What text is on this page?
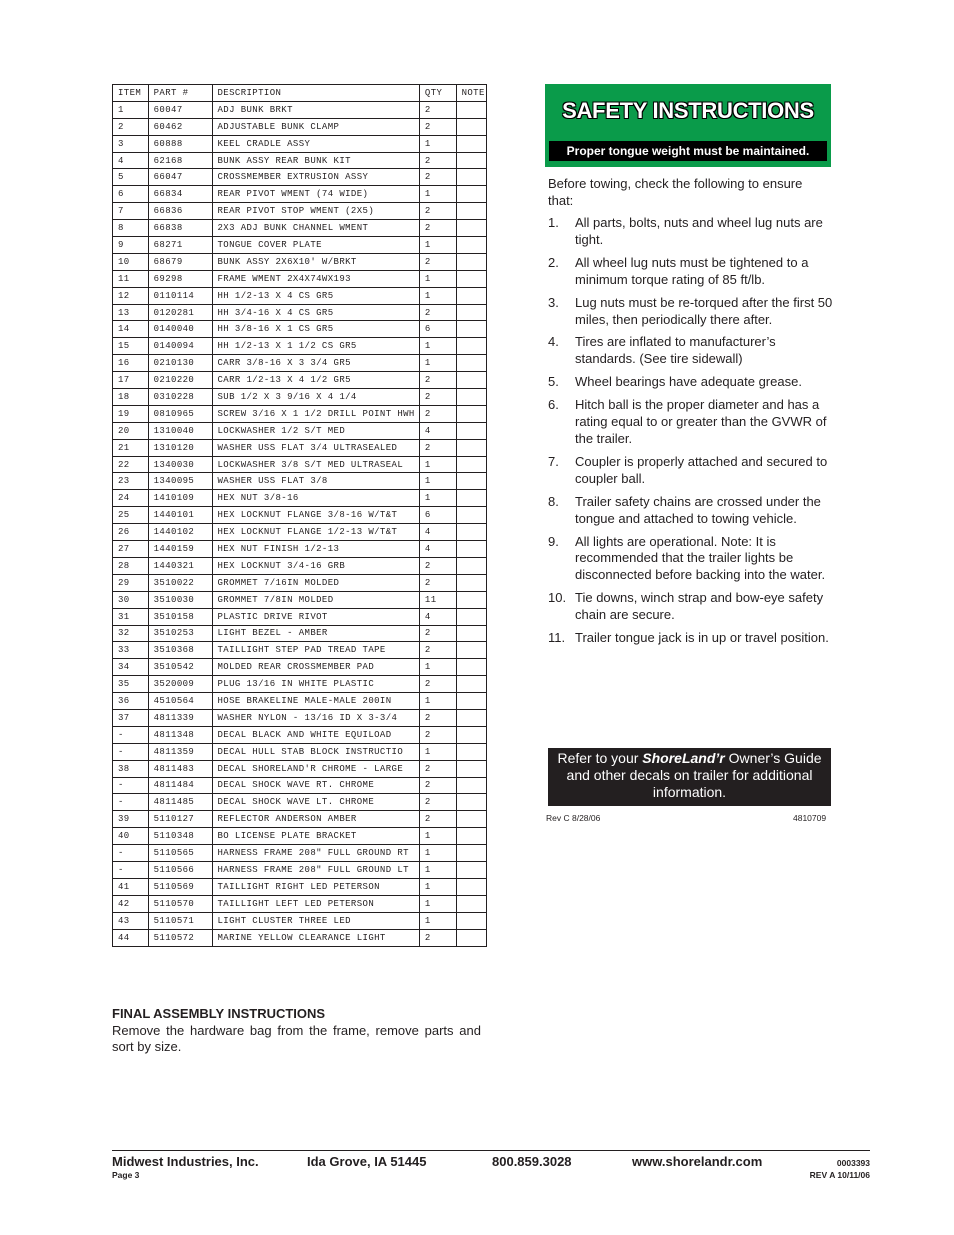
ITEM	PART #	DESCRIPTION	QTY	NOTE
1	60047	ADJ BUNK BRKT	2	
2	60462	ADJUSTABLE BUNK CLAMP	2	
3	60888	KEEL CRADLE ASSY	1	
4	62168	BUNK ASSY REAR BUNK KIT	2	
5	66047	CROSSMEMBER EXTRUSION ASSY	2	
6	66834	REAR PIVOT WMENT (74 WIDE)	1	
7	66836	REAR PIVOT STOP WMENT (2X5)	2	
8	66838	2X3 ADJ BUNK CHANNEL WMENT	2	
9	68271	TONGUE COVER PLATE	1	
10	68679	BUNK ASSY 2X6X10' W/BRKT	2	
11	69298	FRAME WMENT 2X4X74WX193	1	
12	0110114	HH 1/2-13 X 4 CS GR5	1	
13	0120281	HH 3/4-16 X 4 CS GR5	2	
14	0140040	HH 3/8-16 X 1 CS GR5	6	
15	0140094	HH 1/2-13 X 1 1/2 CS GR5	1	
16	0210130	CARR 3/8-16 X 3 3/4 GR5	1	
17	0210220	CARR 1/2-13 X 4 1/2 GR5	2	
18	0310228	SUB 1/2 X 3 9/16 X 4 1/4	2	
19	0810965	SCREW 3/16 X 1 1/2 DRILL POINT HWH	2	
20	1310040	LOCKWASHER 1/2 S/T MED	4	
21	1310120	WASHER USS FLAT 3/4 ULTRASEALED	2	
22	1340030	LOCKWASHER 3/8 S/T MED ULTRASEAL	1	
23	1340095	WASHER USS FLAT 3/8	1	
24	1410109	HEX NUT 3/8-16	1	
25	1440101	HEX LOCKNUT FLANGE 3/8-16 W/T&T	6	
26	1440102	HEX LOCKNUT FLANGE 1/2-13 W/T&T	4	
27	1440159	HEX NUT FINISH 1/2-13	4	
28	1440321	HEX LOCKNUT 3/4-16 GRB	2	
29	3510022	GROMMET 7/16IN MOLDED	2	
30	3510030	GROMMET 7/8IN MOLDED	11	
31	3510158	PLASTIC DRIVE RIVOT	4	
32	3510253	LIGHT BEZEL - AMBER	2	
33	3510368	TAILLIGHT STEP PAD TREAD TAPE	2	
34	3510542	MOLDED REAR CROSSMEMBER PAD	1	
35	3520009	PLUG 13/16 IN WHITE PLASTIC	2	
36	4510564	HOSE BRAKELINE MALE-MALE 200IN	1	
37	4811339	WASHER NYLON - 13/16 ID X 3-3/4	2	
-	4811348	DECAL BLACK AND WHITE EQUILOAD	2	
-	4811359	DECAL HULL STAB BLOCK INSTRUCTIO	1	
38	4811483	DECAL SHORELAND'R CHROME - LARGE	2	
-	4811484	DECAL SHOCK WAVE RT. CHROME	2	
-	4811485	DECAL SHOCK WAVE LT. CHROME	2	
39	5110127	REFLECTOR ANDERSON AMBER	2	
40	5110348	BO LICENSE PLATE BRACKET	1	
-	5110565	HARNESS FRAME 208" FULL GROUND RT	1	
-	5110566	HARNESS FRAME 208" FULL GROUND LT	1	
41	5110569	TAILLIGHT RIGHT LED PETERSON	1	
42	5110570	TAILLIGHT LEFT LED PETERSON	1	
43	5110571	LIGHT CLUSTER THREE LED	1	
44	5110572	MARINE YELLOW CLEARANCE LIGHT	2	
FINAL ASSEMBLY INSTRUCTIONS
Remove the hardware bag from the frame, remove parts and sort by size.
SAFETY INSTRUCTIONS
Proper tongue weight must be maintained.
Before towing, check the following to ensure that:
1. All parts, bolts, nuts and wheel lug nuts are tight.
2. All wheel lug nuts must be tightened to a minimum torque rating of 85 ft/lb.
3. Lug nuts must be re-torqued after the first 50 miles, then periodically there after.
4. Tires are inflated to manufacturer’s standards. (See tire sidewall)
5. Wheel bearings have adequate grease.
6. Hitch ball is the proper diameter and has a rating equal to or greater than the GVWR of the trailer.
7. Coupler is properly attached and secured to coupler ball.
8. Trailer safety chains are crossed under the tongue and attached to towing vehicle.
9. All lights are operational. Note: It is recommended that the trailer lights be disconnected before backing into the water.
10. Tie downs, winch strap and bow-eye safety chain are secure.
11. Trailer tongue jack is in up or travel position.
Refer to your ShoreLand’r Owner’s Guide and other decals on trailer for additional information.
Rev C 8/28/06	4810709
Midwest Industries, Inc.	Ida Grove, IA 51445	800.859.3028	www.shorelandr.com
Page 3
0003393
REV A 10/11/06
